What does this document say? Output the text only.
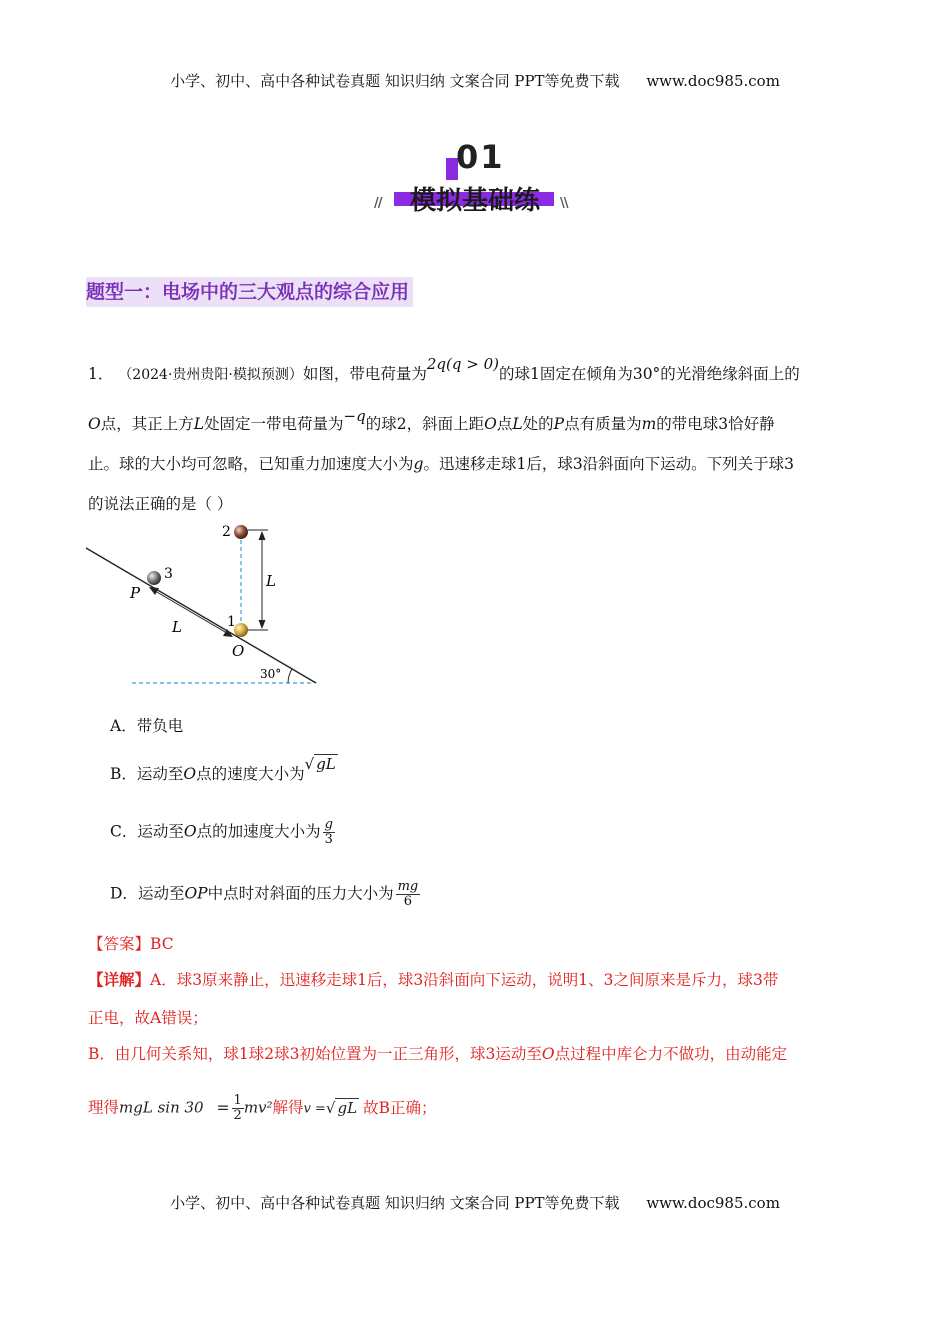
小学、初中、高中各种试卷真题 知识归纳 文案合同 PPT等免费下载 www.doc985.com
01
模拟基础练
//	\\
题型一：电场中的三大观点的综合应用
1． （2024·贵州贵阳·模拟预测）如图，带电荷量为2q(q > 0)的球1固定在倾角为30°的光滑绝缘斜面上的
O点，其正上方L处固定一带电荷量为−q的球2，斜面上距O点L处的P点有质量为m的带电球3恰好静
止。球的大小均可忽略，已知重力加速度大小为g。迅速移走球1后，球3沿斜面向下运动。下列关于球3
的说法正确的是（ ）
30°
L
L
2
3
P
1
O
A．带负电
B．运动至O点的速度大小为√ gL
C．运动至O点的加速度大小为 $\frac{g}{3}$
D．运动至OP中点时对斜面的压力大小为 $\frac{mg}{6}$
【答案】BC
【详解】A．球3原来静止，迅速移走球1后，球3沿斜面向下运动，说明1、3之间原来是斥力，球3带
正电，故A错误；
B．由几何关系知，球1球2球3初始位置为一正三角形，球3运动至O点过程中库仑力不做功，由动能定
理得mgL $\sin 30 = \frac{1}{2} mv^2$解得v =√ gL 故B正确；
小学、初中、高中各种试卷真题 知识归纳 文案合同 PPT等免费下载 www.doc985.com
